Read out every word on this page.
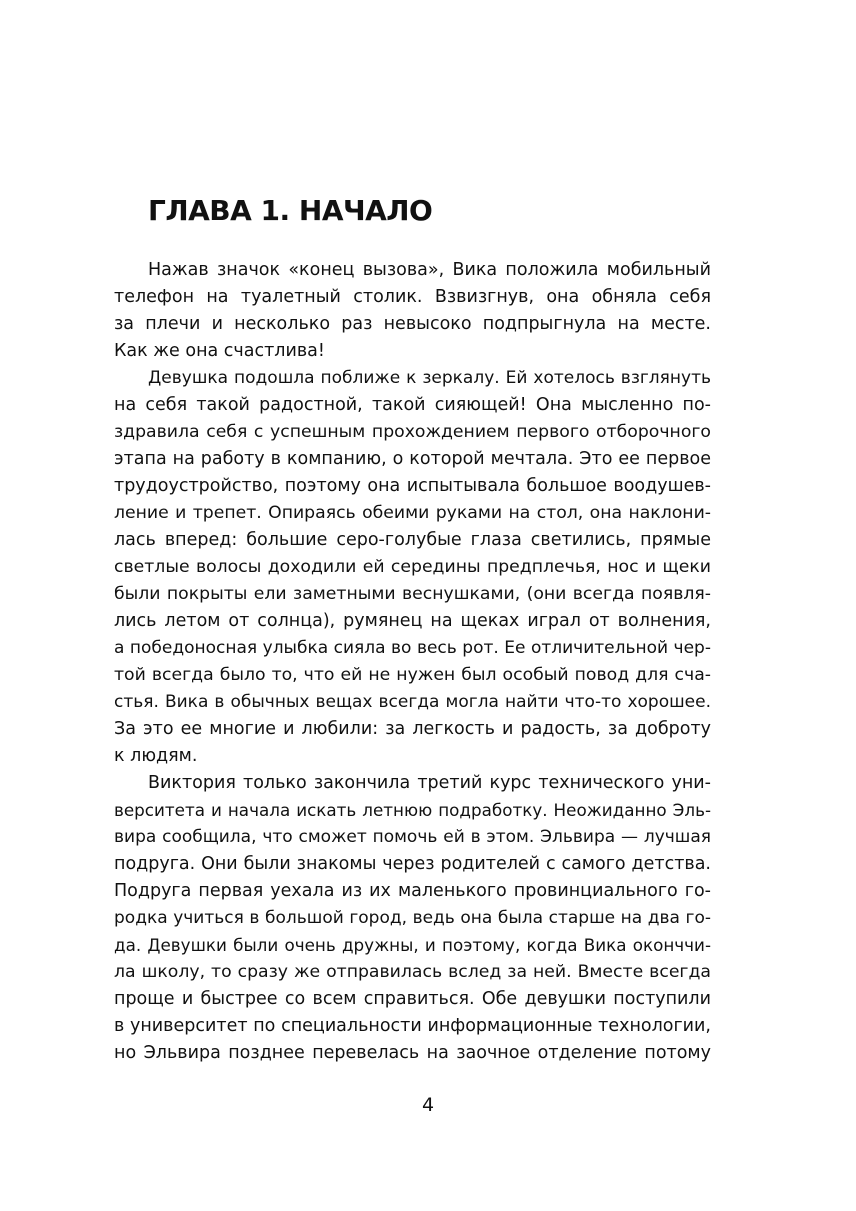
ГЛАВА 1. НАЧАЛО
Нажав значок «конец вызова», Вика положила мобильный
телефон на туалетный столик. Взвизгнув, она обняла себя
за плечи и несколько раз невысоко подпрыгнула на месте.
Как же она счастлива!
Девушка подошла поближе к зеркалу. Ей хотелось взглянуть
на себя такой радостной, такой сияющей! Она мысленно по-
здравила себя с успешным прохождением первого отборочного
этапа на работу в компанию, о которой мечтала. Это ее первое
трудоустройство, поэтому она испытывала большое воодушев-
ление и трепет. Опираясь обеими руками на стол, она наклони-
лась вперед: большие серо-голубые глаза светились, прямые
светлые волосы доходили ей середины предплечья, нос и щеки
были покрыты ели заметными веснушками, (они всегда появля-
лись летом от солнца), румянец на щеках играл от волнения,
а победоносная улыбка сияла во весь рот. Ее отличительной чер-
той всегда было то, что ей не нужен был особый повод для сча-
стья. Вика в обычных вещах всегда могла найти что-то хорошее.
За это ее многие и любили: за легкость и радость, за доброту
к людям.
Виктория только закончила третий курс технического уни-
верситета и начала искать летнюю подработку. Неожиданно Эль-
вира сообщила, что сможет помочь ей в этом. Эльвира — лучшая
подруга. Они были знакомы через родителей с самого детства.
Подруга первая уехала из их маленького провинциального го-
родка учиться в большой город, ведь она была старше на два го-
да. Девушки были очень дружны, и поэтому, когда Вика оконччи-
ла школу, то сразу же отправилась вслед за ней. Вместе всегда
проще и быстрее со всем справиться. Обе девушки поступили
в университет по специальности информационные технологии,
но Эльвира позднее перевелась на заочное отделение потому
4
